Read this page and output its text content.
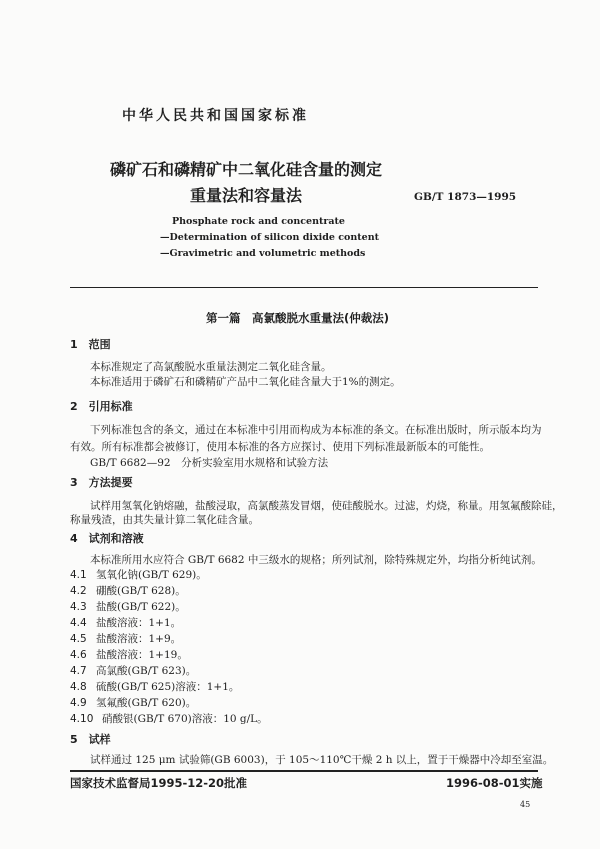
中华人民共和国国家标准
磷矿石和磷精矿中二氧化硅含量的测定
重量法和容量法	GB/T 1873—1995
Phosphate rock and concentrate
—Determination of silicon dixide content
—Gravimetric and volumetric methods
第一篇　高氯酸脱水重量法(仲裁法)
1　范围
本标准规定了高氯酸脱水重量法测定二氧化硅含量。
本标准适用于磷矿石和磷精矿产品中二氧化硅含量大于1%的测定。
2　引用标准
下列标准包含的条文，通过在本标准中引用而构成为本标准的条文。在标准出版时，所示版本均为
有效。所有标准都会被修订，使用本标准的各方应探讨、使用下列标准最新版本的可能性。
GB/T 6682—92　分析实验室用水规格和试验方法
3　方法提要
试样用氢氧化钠熔融，盐酸浸取，高氯酸蒸发冒烟，使硅酸脱水。过滤，灼烧，称量。用氢氟酸除硅，
称量残渣，由其失量计算二氧化硅含量。
4　试剂和溶液
本标准所用水应符合 GB/T 6682 中三级水的规格；所列试剂，除特殊规定外，均指分析纯试剂。
4.1 氢氧化钠(GB/T 629)。
4.2 硼酸(GB/T 628)。
4.3 盐酸(GB/T 622)。
4.4 盐酸溶液：1+1。
4.5 盐酸溶液：1+9。
4.6 盐酸溶液：1+19。
4.7 高氯酸(GB/T 623)。
4.8 硫酸(GB/T 625)溶液：1+1。
4.9 氢氟酸(GB/T 620)。
4.10 硝酸银(GB/T 670)溶液：10 g/L。
5　试样
试样通过 125 μm 试验筛(GB 6003)，于 105～110℃干燥 2 h 以上，置于干燥器中冷却至室温。
国家技术监督局1995-12-20批准	1996-08-01实施
45
